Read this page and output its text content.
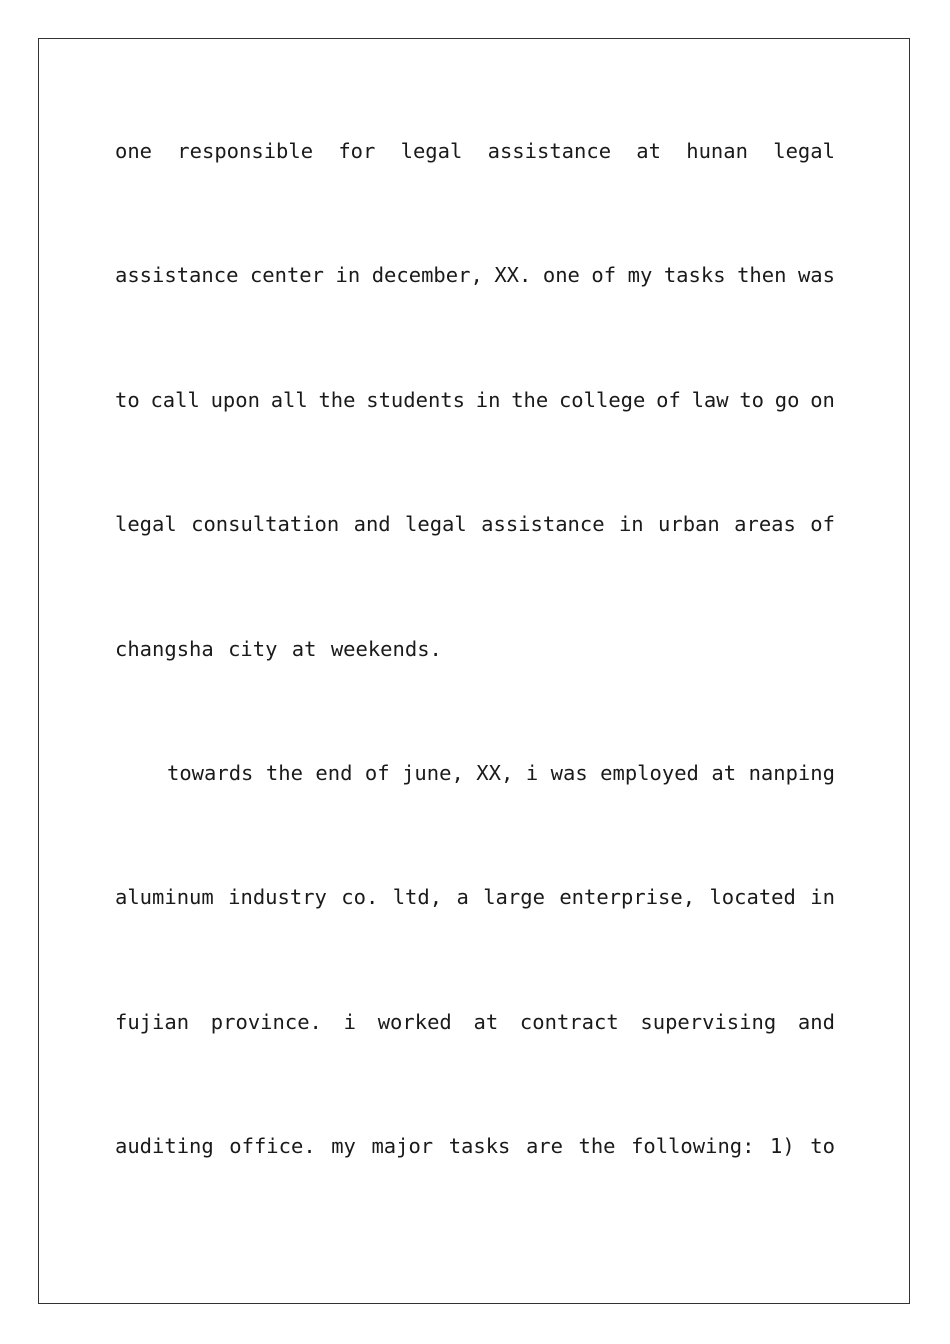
one responsible for legal assistance at hunan legal
assistance center in december, XX. one of my tasks then was
to call upon all the students in the college of law to go on
legal consultation and legal assistance in urban areas of
changsha city at weekends.
towards the end of june, XX, i was employed at nanping
aluminum industry co. ltd, a large enterprise, located in
fujian province. i worked at contract supervising and
auditing office. my major tasks are the following: 1) to
